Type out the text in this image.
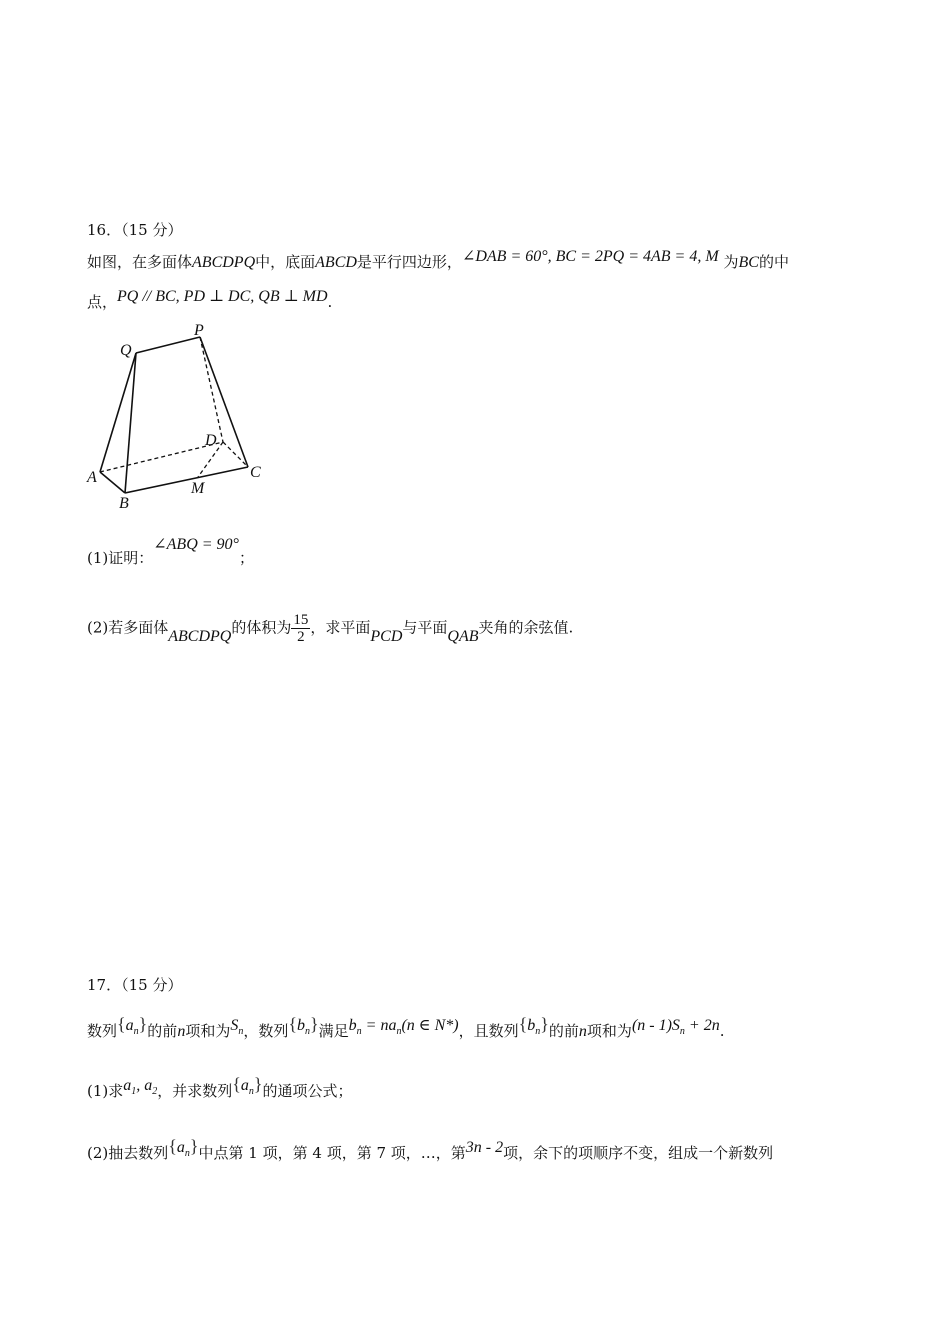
16．（15 分）
如图，在多面体ABCDPQ中，底面ABCD是平行四边形，∠DAB = 60°, BC = 2PQ = 4AB = 4, M 为BC的中
点，PQ // BC, PD ⊥ DC, QB ⊥ MD.
Q
P
D
A
B
M
C
(1)证明：∠ABQ = 90°；
(2)若多面体ABCDPQ的体积为 $\frac{15}{2}$ ，求平面PCD与平面QAB夹角的余弦值.
17．（15 分）
数列$\{a_n\}$的前n项和为$S_n$，数列$\{b_n\}$满足$b_n = na_n(n$ ∈ N*)，且数列$\{b_n\}$的前n项和为$(n - 1)S_n + 2n$.
(1)求$a_1$, $a_2$，并求数列$\{a_n\}$的通项公式；
(2)抽去数列$\{a_n\}$中点第 1 项，第 4 项，第 7 项，…，第3n - 2项，余下的项顺序不变，组成一个新数列
